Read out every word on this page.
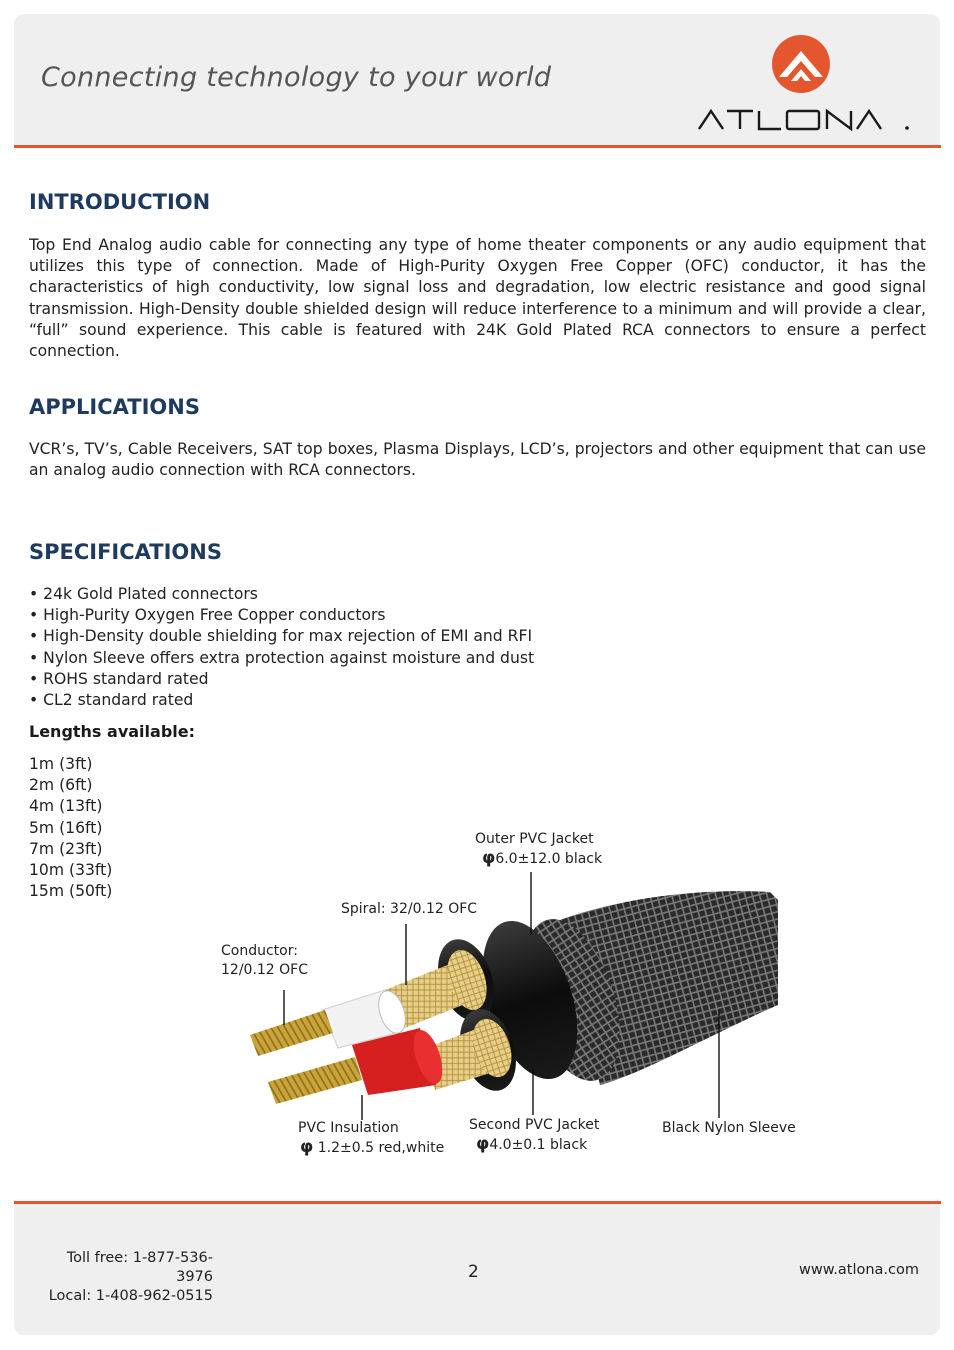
Connecting technology to your world
INTRODUCTION

Top End Analog audio cable for connecting any type of home theater components or any audio equipment that utilizes this type of connection. Made of High-Purity Oxygen Free Copper (OFC) conductor, it has the characteristics of high conductivity, low signal loss and degradation, low electric resistance and good signal transmission. High-Density double shielded design will reduce interference to a minimum and will provide a clear, “full” sound experience. This cable is featured with 24K Gold Plated RCA connectors to ensure a perfect connection.

APPLICATIONS

VCR’s, TV’s, Cable Receivers, SAT top boxes, Plasma Displays, LCD’s, projectors and other equipment that can use an analog audio connection with RCA connectors.

SPECIFICATIONS
• 24k Gold Plated connectors
• High-Purity Oxygen Free Copper conductors
• High-Density double shielding for max rejection of EMI and RFI
• Nylon Sleeve offers extra protection against moisture and dust
• ROHS standard rated
• CL2 standard rated
Lengths available:
1m (3ft)
2m (6ft)
4m (13ft)
5m (16ft)
7m (23ft)
10m (33ft)
15m (50ft)
Outer PVC Jacket
φ6.0±12.0 black
Spiral: 32/0.12 OFC
Conductor:
12/0.12 OFC
PVC Insulation
φ 1.2±0.5 red,white
Second PVC Jacket
φ4.0±0.1 black
Black Nylon Sleeve
Toll free: 1-877-536-3976
Local: 1-408-962-0515
2	www.atlona.com
